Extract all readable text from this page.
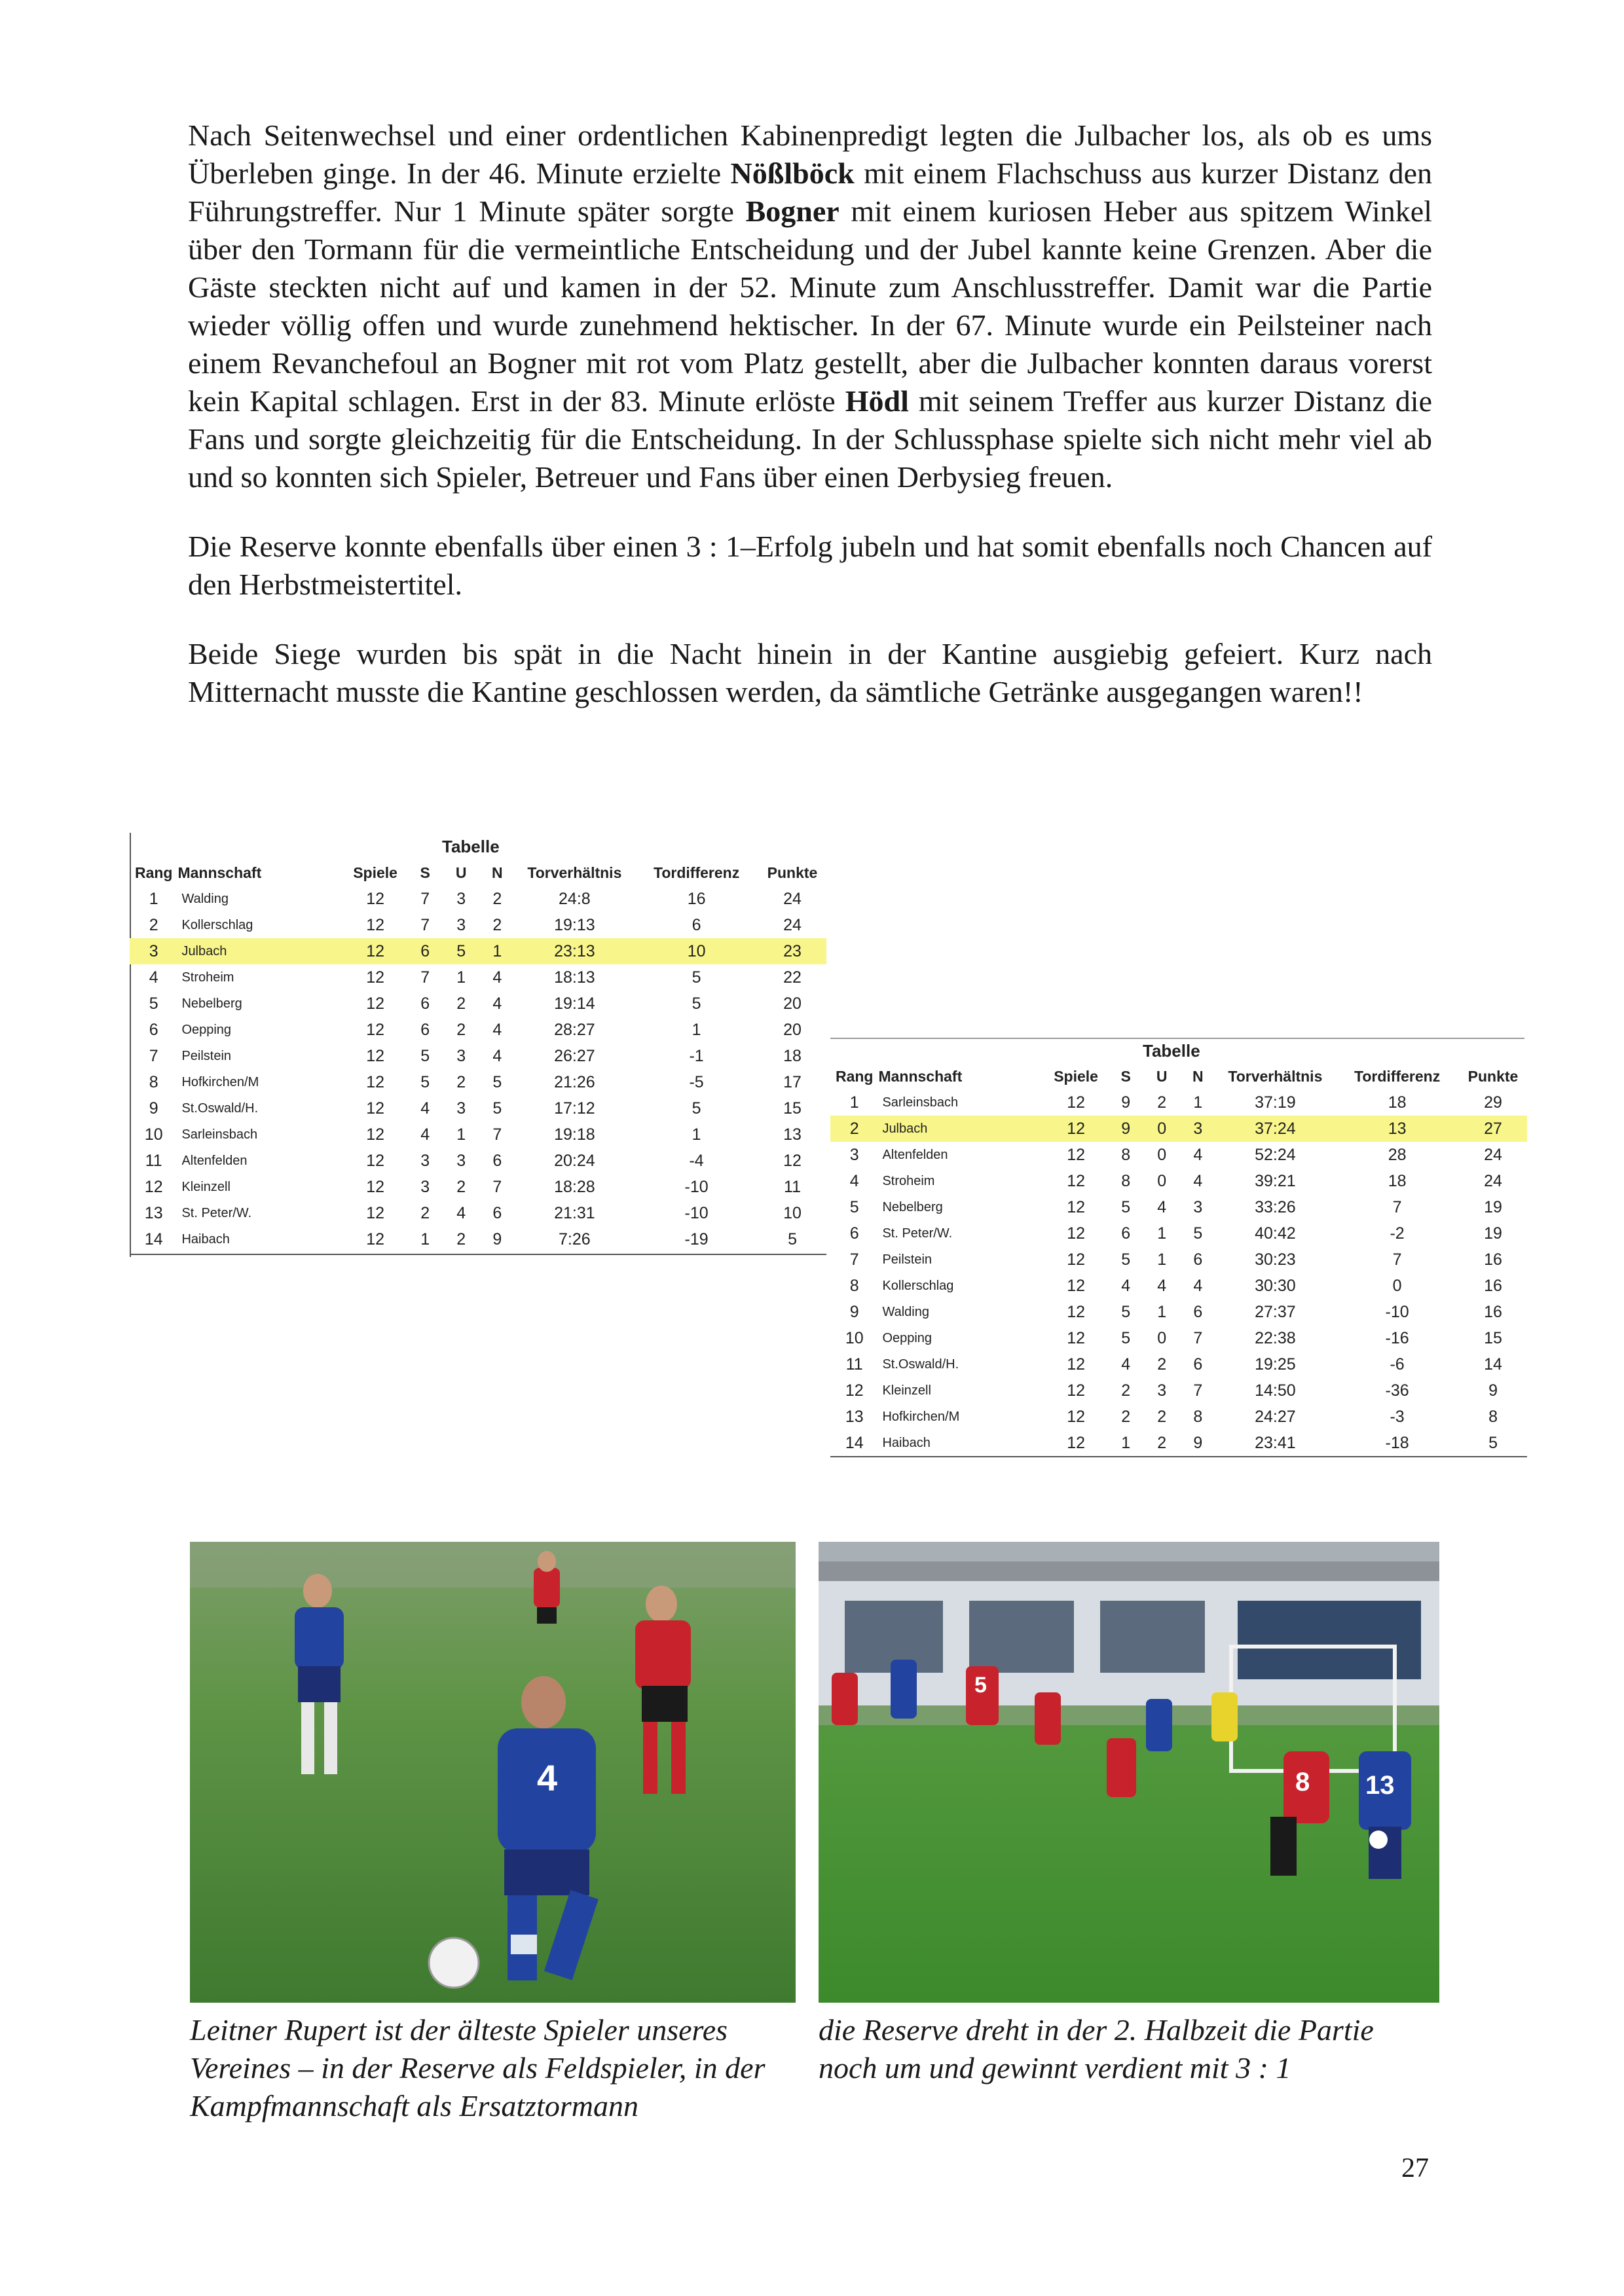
Nach Seitenwechsel und einer ordentlichen Kabinenpredigt legten die Julbacher los, als ob es ums Überleben ginge. In der 46. Minute erzielte Nößlböck mit einem Flachschuss aus kurzer Distanz den Führungstreffer. Nur 1 Minute später sorgte Bogner mit einem kuriosen Heber aus spitzem Winkel über den Tormann für die vermeintliche Entscheidung und der Jubel kannte keine Grenzen. Aber die Gäste steckten nicht auf und kamen in der 52. Minute zum Anschlusstreffer. Damit war die Partie wieder völlig offen und wurde zunehmend hektischer. In der 67. Minute wurde ein Peilsteiner nach einem Revanchefoul an Bogner mit rot vom Platz gestellt, aber die Julbacher konnten daraus vorerst kein Kapital schlagen. Erst in der 83. Minute erlöste Hödl mit seinem Treffer aus kurzer Distanz die Fans und sorgte gleichzeitig für die Entscheidung. In der Schlussphase spielte sich nicht mehr viel ab und so konnten sich Spieler, Betreuer und Fans über einen Derbysieg freuen.

Die Reserve konnte ebenfalls über einen 3 : 1–Erfolg jubeln und hat somit ebenfalls noch Chancen auf den Herbstmeistertitel.

Beide Siege wurden bis spät in die Nacht hinein in der Kantine ausgiebig gefeiert. Kurz nach Mitternacht musste die Kantine geschlossen werden, da sämtliche Getränke ausgegangen waren!!

Tabelle
Rang	Mannschaft	Spiele	S	U	N	Torverhältnis	Tordifferenz	Punkte
1	Walding	12	7	3	2	24:8	16	24
2	Kollerschlag	12	7	3	2	19:13	6	24
3	Julbach	12	6	5	1	23:13	10	23
4	Stroheim	12	7	1	4	18:13	5	22
5	Nebelberg	12	6	2	4	19:14	5	20
6	Oepping	12	6	2	4	28:27	1	20
7	Peilstein	12	5	3	4	26:27	-1	18
8	Hofkirchen/M	12	5	2	5	21:26	-5	17
9	St.Oswald/H.	12	4	3	5	17:12	5	15
10	Sarleinsbach	12	4	1	7	19:18	1	13
11	Altenfelden	12	3	3	6	20:24	-4	12
12	Kleinzell	12	3	2	7	18:28	-10	11
13	St. Peter/W.	12	2	4	6	21:31	-10	10
14	Haibach	12	1	2	9	7:26	-19	5
Tabelle
Rang	Mannschaft	Spiele	S	U	N	Torverhältnis	Tordifferenz	Punkte
1	Sarleinsbach	12	9	2	1	37:19	18	29
2	Julbach	12	9	0	3	37:24	13	27
3	Altenfelden	12	8	0	4	52:24	28	24
4	Stroheim	12	8	0	4	39:21	18	24
5	Nebelberg	12	5	4	3	33:26	7	19
6	St. Peter/W.	12	6	1	5	40:42	-2	19
7	Peilstein	12	5	1	6	30:23	7	16
8	Kollerschlag	12	4	4	4	30:30	0	16
9	Walding	12	5	1	6	27:37	-10	16
10	Oepping	12	5	0	7	22:38	-16	15
11	St.Oswald/H.	12	4	2	6	19:25	-6	14
12	Kleinzell	12	2	3	7	14:50	-36	9
13	Hofkirchen/M	12	2	2	8	24:27	-3	8
14	Haibach	12	1	2	9	23:41	-18	5
4
5
8 13
Leitner Rupert ist der älteste Spieler unseres Vereines – in der Reserve als Feldspieler, in der Kampfmannschaft als Ersatztormann
die Reserve dreht in der 2. Halbzeit die Partie noch um und gewinnt verdient mit 3 : 1
27
